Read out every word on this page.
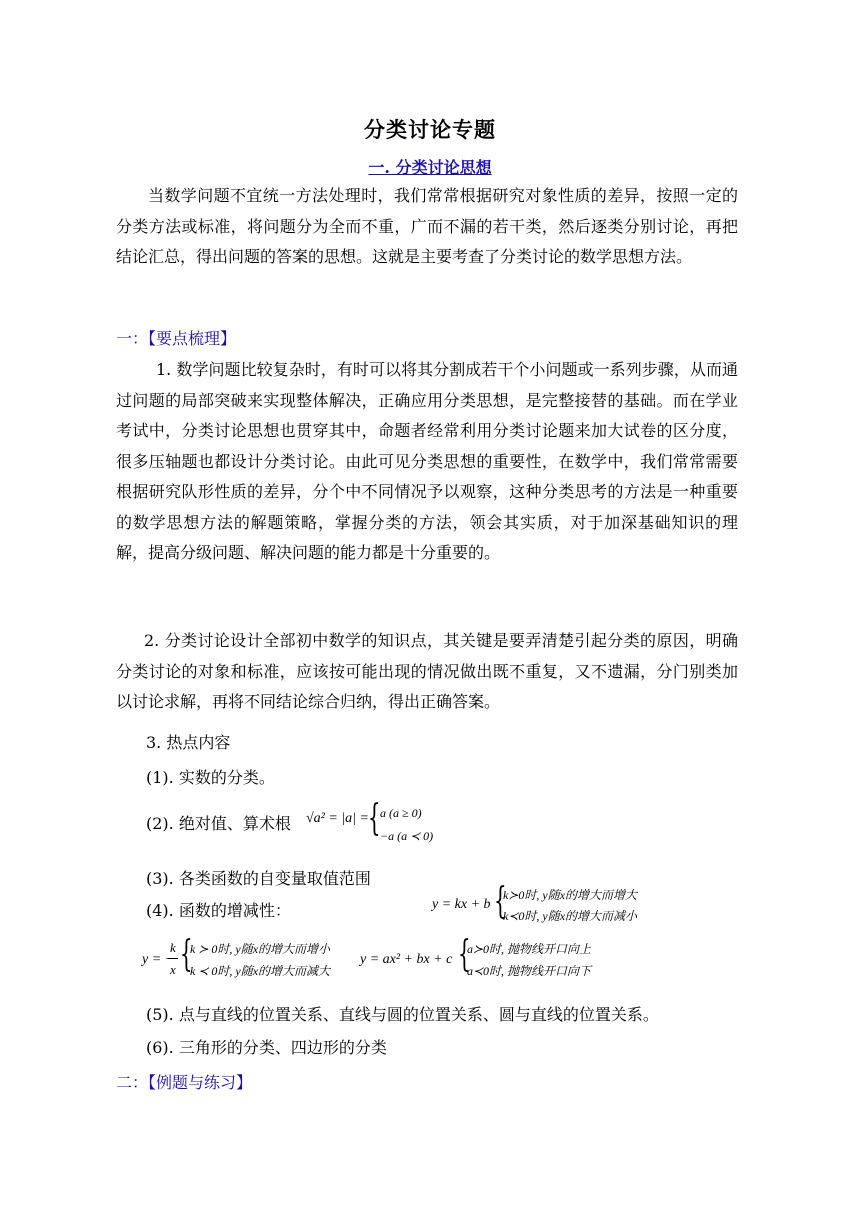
分类讨论专题
一. 分类讨论思想
当数学问题不宜统一方法处理时，我们常常根据研究对象性质的差异，按照一定的分类方法或标准，将问题分为全而不重，广而不漏的若干类，然后逐类分别讨论，再把结论汇总，得出问题的答案的思想。这就是主要考查了分类讨论的数学思想方法。
一：【要点梳理】
1. 数学问题比较复杂时，有时可以将其分割成若干个小问题或一系列步骤，从而通过问题的局部突破来实现整体解决，正确应用分类思想，是完整接替的基础。而在学业考试中，分类讨论思想也贯穿其中，命题者经常利用分类讨论题来加大试卷的区分度，很多压轴题也都设计分类讨论。由此可见分类思想的重要性，在数学中，我们常常需要根据研究队形性质的差异，分个中不同情况予以观察，这种分类思考的方法是一种重要的数学思想方法的解题策略，掌握分类的方法，领会其实质，对于加深基础知识的理解，提高分级问题、解决问题的能力都是十分重要的。
2. 分类讨论设计全部初中数学的知识点，其关键是要弄清楚引起分类的原因，明确分类讨论的对象和标准，应该按可能出现的情况做出既不重复，又不遗漏，分门别类加以讨论求解，再将不同结论综合归纳，得出正确答案。
3. 热点内容
(1). 实数的分类。
(2). 绝对值、算术根 √a² = |a| = { a (a ≥ 0)
−a (a ≺ 0)
(3). 各类函数的自变量取值范围
(4). 函数的增减性：	y = kx + b {
k≻0时, y随x的增大而增大
k≺0时, y随x的增大而减小
y = −
k
x {
k ≻ 0时, y随x的增大而增小
k ≺ 0时, y随x的增大而减大
y = ax² + bx + c {
a≻0时, 抛物线开口向上
a≺0时, 抛物线开口向下
(5). 点与直线的位置关系、直线与圆的位置关系、圆与直线的位置关系。
(6). 三角形的分类、四边形的分类
二：【例题与练习】
